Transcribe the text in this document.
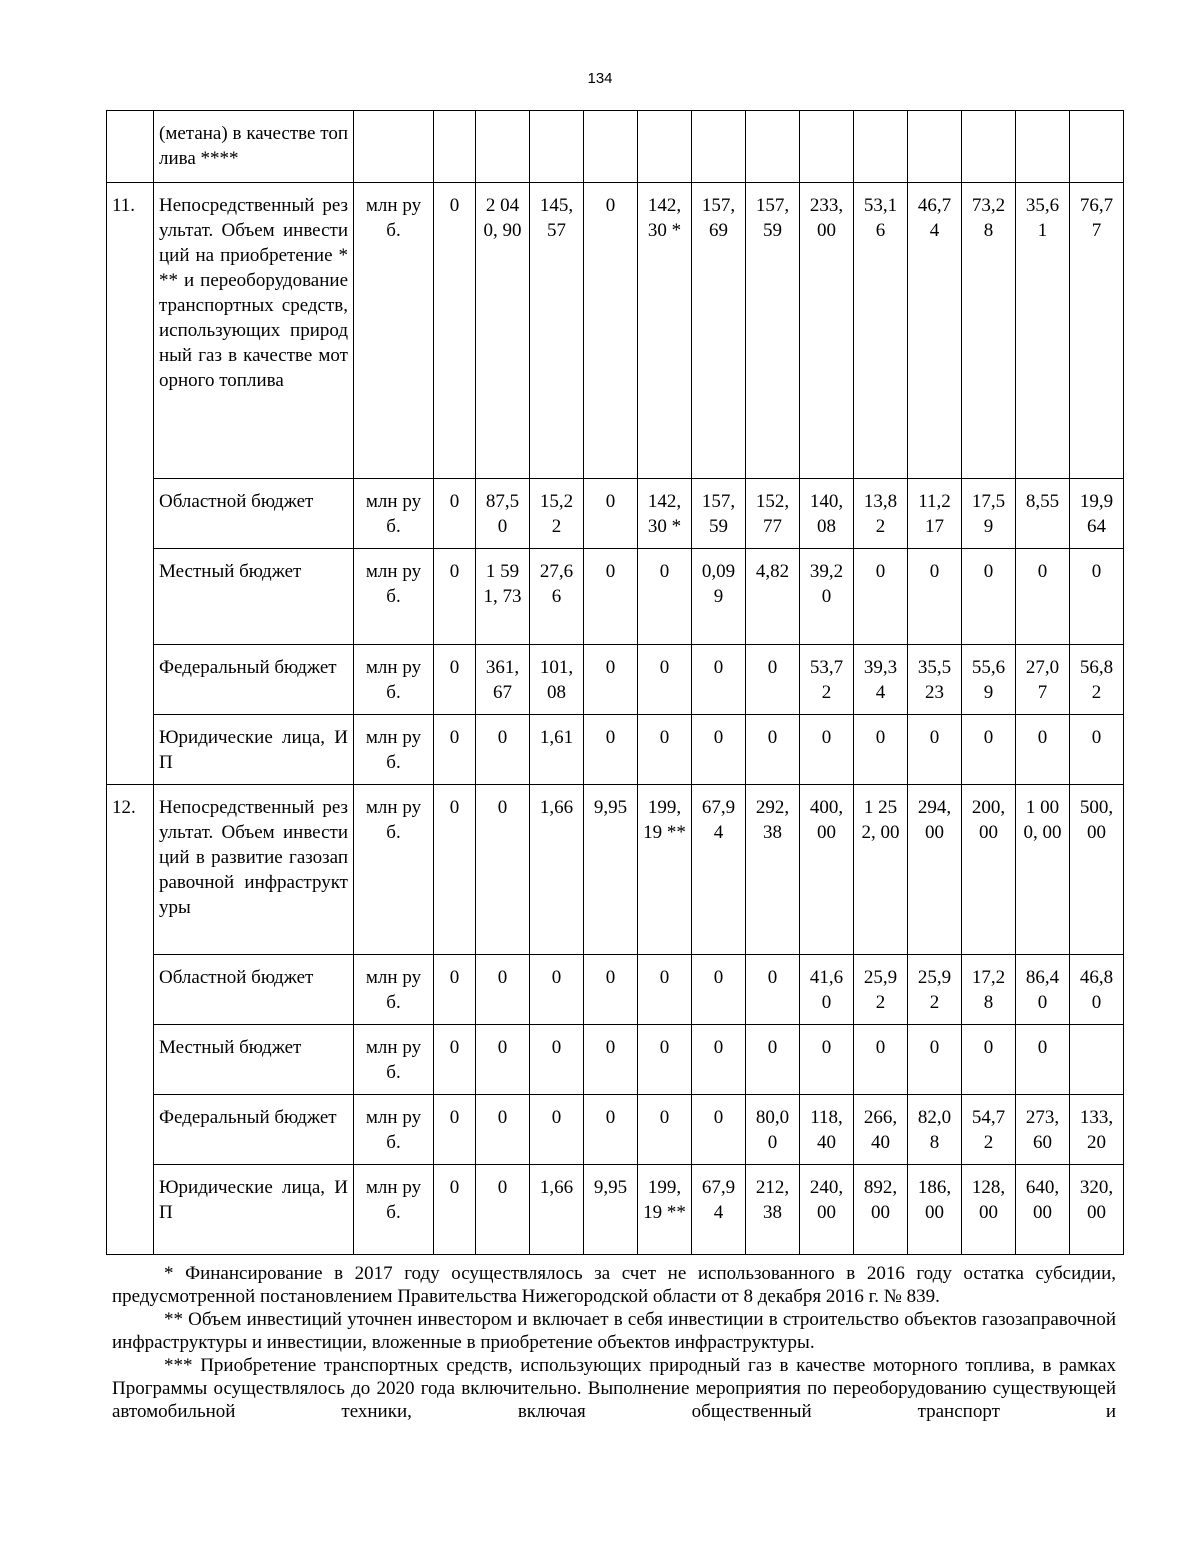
134
	(метана) в качестве топлива ****														
11.	Непосредственный результат. Объем инвестиций на приобретение *** и переоборудование транспортных средств, использующих природный газ в качестве моторного топлива	млн руб.	0	2 040, 90	145, 57	0	142, 30 *	157, 69	157, 59	233, 00	53,1 6	46,7 4	73,2 8	35,6 1	76,7 7
	Областной бюджет	млн руб.	0	87,5 0	15,2 2	0	142, 30 *	157, 59	152, 77	140, 08	13,8 2	11,2 17	17,5 9	8,55	19,9 64
	Местный бюджет	млн руб.	0	1 591, 73	27,6 6	0	0	0,09 9	4,82	39,2 0	0	0	0	0	0
	Федеральный бюджет	млн руб.	0	361, 67	101, 08	0	0	0	0	53,7 2	39,3 4	35,5 23	55,6 9	27,0 7	56,8 2
	Юридические лица, ИП	млн руб.	0	0	1,61	0	0	0	0	0	0	0	0	0	0
12.	Непосредственный результат. Объем инвестиций в развитие газозаправочной инфраструктуры	млн руб.	0	0	1,66	9,95	199, 19 **	67,9 4	292, 38	400, 00	1 252, 00	294, 00	200, 00	1 000, 00	500, 00
	Областной бюджет	млн руб.	0	0	0	0	0	0	0	41,6 0	25,9 2	25,9 2	17,2 8	86,4 0	46,8 0
	Местный бюджет	млн руб.	0	0	0	0	0	0	0	0	0	0	0	0	
	Федеральный бюджет	млн руб.	0	0	0	0	0	0	80,0 0	118, 40	266, 40	82,0 8	54,7 2	273, 60	133, 20
	Юридические лица, ИП	млн руб.	0	0	1,66	9,95	199, 19 **	67,9 4	212, 38	240, 00	892, 00	186, 00	128, 00	640, 00	320, 00

* Финансирование в 2017 году осуществлялось за счет не использованного в 2016 году остатка субсидии, предусмотренной постановлением Правительства Нижегородской области от 8 декабря 2016 г. № 839.

** Объем инвестиций уточнен инвестором и включает в себя инвестиции в строительство объектов газозаправочной инфраструктуры и инвестиции, вложенные в приобретение объектов инфраструктуры.

*** Приобретение транспортных средств, использующих природный газ в качестве моторного топлива, в рамках Программы осуществлялось до 2020 года включительно. Выполнение мероприятия по переоборудованию существующей автомобильной техники, включая общественный транспорт и
